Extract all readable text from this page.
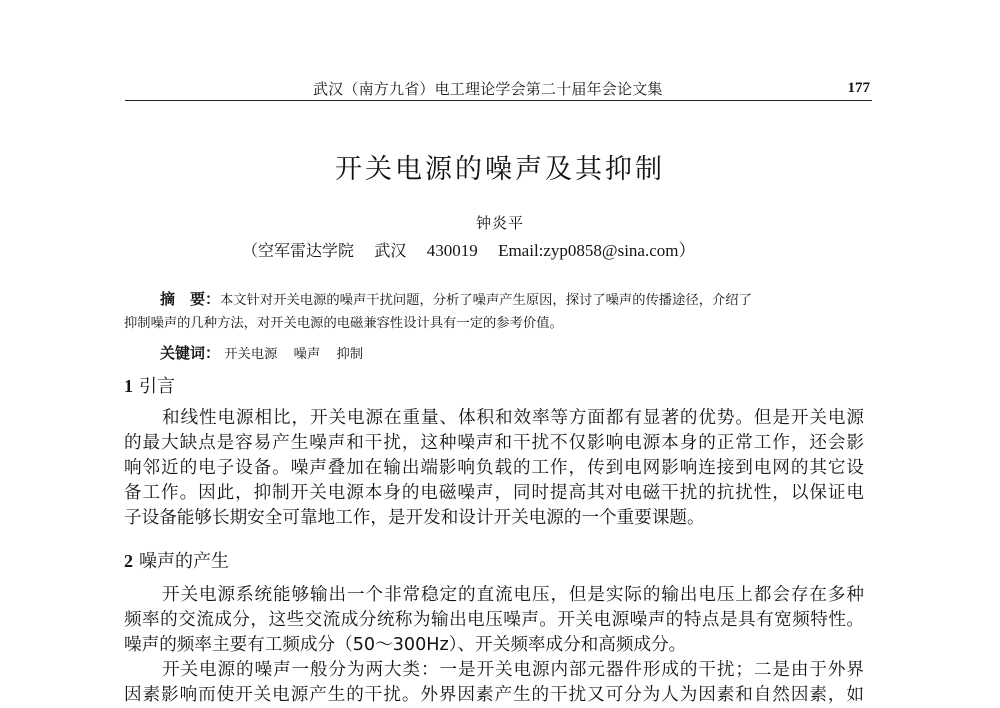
武汉（南方九省）电工理论学会第二十届年会论文集	177
开关电源的噪声及其抑制
钟炎平
（空军雷达学院 武汉 430019 Email:zyp0858@sina.com）
摘　要：本文针对开关电源的噪声干扰问题，分析了噪声产生原因，探讨了噪声的传播途径，介绍了
抑制噪声的几种方法，对开关电源的电磁兼容性设计具有一定的参考价值。
关键词： 开关电源 噪声 抑制
1 引言
和线性电源相比，开关电源在重量、体积和效率等方面都有显著的优势。但是开关电源
的最大缺点是容易产生噪声和干扰，这种噪声和干扰不仅影响电源本身的正常工作，还会影
响邻近的电子设备。噪声叠加在输出端影响负载的工作，传到电网影响连接到电网的其它设
备工作。因此，抑制开关电源本身的电磁噪声，同时提高其对电磁干扰的抗扰性，以保证电
子设备能够长期安全可靠地工作，是开发和设计开关电源的一个重要课题。
2 噪声的产生
开关电源系统能够输出一个非常稳定的直流电压，但是实际的输出电压上都会存在多种
频率的交流成分，这些交流成分统称为输出电压噪声。开关电源噪声的特点是具有宽频特性。
噪声的频率主要有工频成分（50～300Hz）、开关频率成分和高频成分。
开关电源的噪声一般分为两大类：一是开关电源内部元器件形成的干扰；二是由于外界
因素影响而使开关电源产生的干扰。外界因素产生的干扰又可分为人为因素和自然因素，如
